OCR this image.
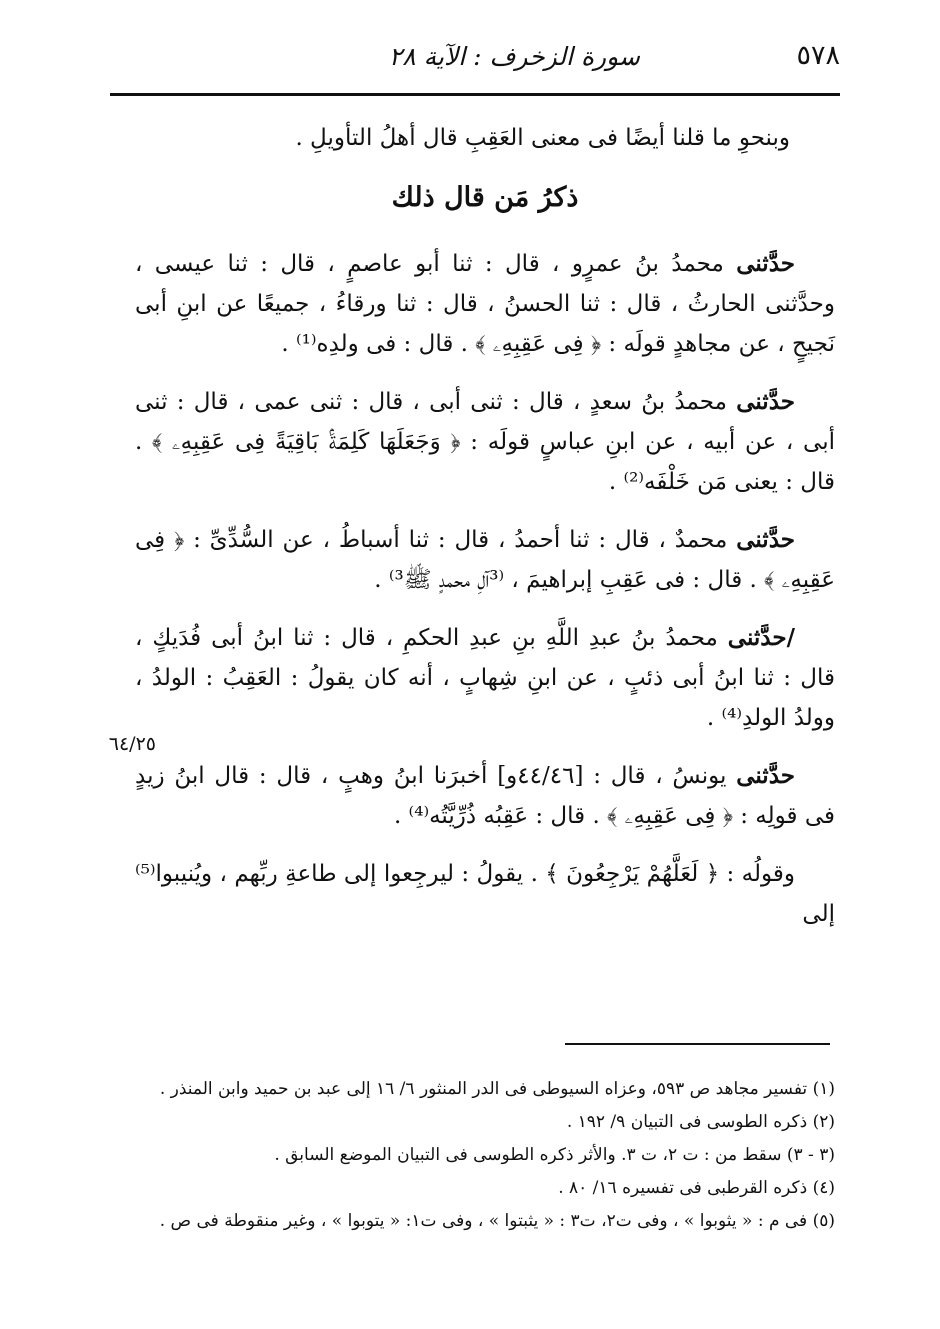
٥٧٨
سورة الزخرف : الآية ٢٨

وبنحوِ ما قلنا أيضًا فى معنى العَقِبِ قال أهلُ التأويلِ .

ذكرُ مَن قال ذلك

حدَّثنى محمدُ بنُ عمرٍو ، قال : ثنا أبو عاصمٍ ، قال : ثنا عيسى ، وحدَّثنى الحارثُ ، قال : ثنا الحسنُ ، قال : ثنا ورقاءُ ، جميعًا عن ابنِ أبى نَجيحٍ ، عن مجاهدٍ قولَه : ﴿ فِى عَقِبِهِۦ ﴾ . قال : فى ولدِه⁽¹⁾ .

حدَّثنى محمدُ بنُ سعدٍ ، قال : ثنى أبى ، قال : ثنى عمى ، قال : ثنى أبى ، عن أبيه ، عن ابنِ عباسٍ قولَه : ﴿ وَجَعَلَهَا كَلِمَةَۢ بَاقِيَةً فِى عَقِبِهِۦ ﴾ . قال : يعنى مَن خَلْفَه⁽²⁾ .

حدَّثنى محمدٌ ، قال : ثنا أحمدُ ، قال : ثنا أسباطُ ، عن السُّدِّىِّ : ﴿ فِى عَقِبِهِۦ ﴾ . قال : فى عَقِبِ إبراهيمَ ، ⁽³آلِ محمدٍ ﷺ³⁾ .

/حدَّثنى محمدُ بنُ عبدِ اللَّهِ بنِ عبدِ الحكمِ ، قال : ثنا ابنُ أبى فُدَيكٍ ، قال : ثنا ابنُ أبى ذئبٍ ، عن ابنِ شِهابٍ ، أنه كان يقولُ : العَقِبُ : الولدُ ، وولدُ الولدِ⁽⁴⁾ .

حدَّثنى يونسُ ، قال : [٤٤/٤٦و] أخبرَنا ابنُ وهبٍ ، قال : قال ابنُ زيدٍ فى قولِه : ﴿ فِى عَقِبِهِۦ ﴾ . قال : عَقِبُه ذُرِّيَّتُه⁽⁴⁾ .

وقولُه : ﴿ لَعَلَّهُمْ يَرْجِعُونَ ﴾ . يقولُ : ليرجِعوا إلى طاعةِ ربِّهم ، ويُنيبوا⁽⁵⁾ إلى

٦٤/٢٥
(١) تفسير مجاهد ص ٥٩٣، وعزاه السيوطى فى الدر المنثور ٦/ ١٦ إلى عبد بن حميد وابن المنذر .
(٢) ذكره الطوسى فى التبيان ٩/ ١٩٢ .
(٣ - ٣) سقط من : ت ٢، ت ٣. والأثر ذكره الطوسى فى التبيان الموضع السابق .
(٤) ذكره القرطبى فى تفسيره ١٦/ ٨٠ .
(٥) فى م : « يثوبوا » ، وفى ت٢، ت٣ : « يثبتوا » ، وفى ت١: « يتوبوا » ، وغير منقوطة فى ص .
